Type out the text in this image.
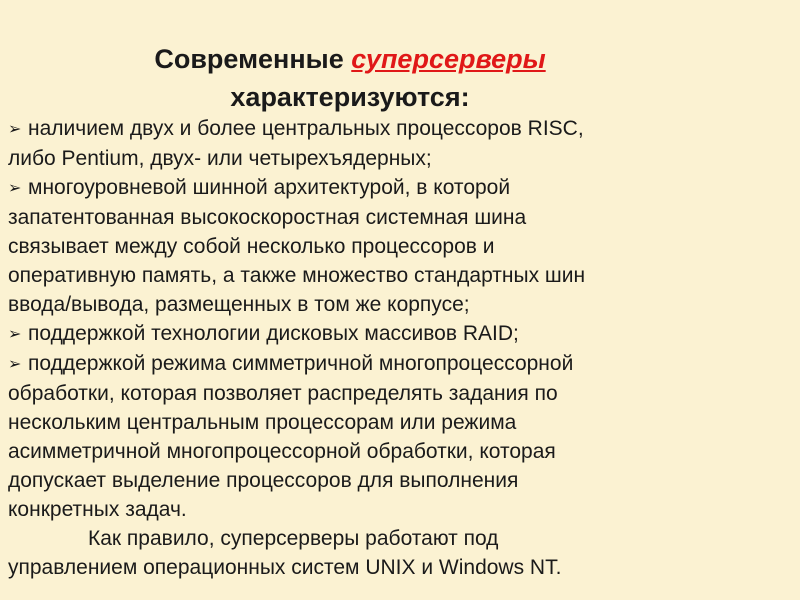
Современные суперсерверы
характеризуются:
➢ наличием двух и более центральных процессоров RISC,
либо Pentium, двух- или четырехъядерных;
➢ многоуровневой шинной архитектурой, в которой
запатентованная высокоскоростная системная шина
связывает между собой несколько процессоров и
оперативную память, а также множество стандартных шин
ввода/вывода, размещенных в том же корпусе;
➢ поддержкой технологии дисковых массивов RAID;
➢ поддержкой режима симметричной многопроцессорной
обработки, которая позволяет распределять задания по
нескольким центральным процессорам или режима
асимметричной многопроцессорной обработки, которая
допускает выделение процессоров для выполнения
конкретных задач.
Как правило, суперсерверы работают под
управлением операционных систем UNIX и Windows NT.
